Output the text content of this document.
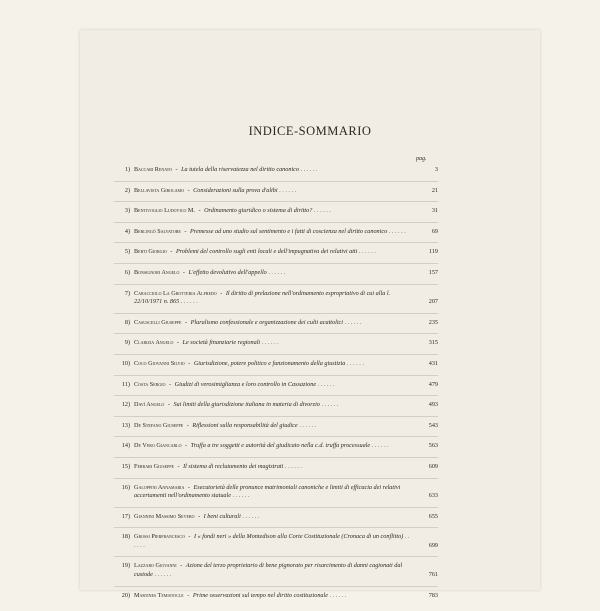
INDICE-SOMMARIO
pag.
1) Baccari Renato - La tutela della riservatezza nel diritto canonico . . . . . .	3
2) Bellavista Girolamo - Considerazioni sulla prova d'alibi . . . . . .	21
3) Bentivoglio Ludovico M. - Ordinamento giuridico o sistema di diritto? . . . . . .	31
4) Berlingò Salvatore - Premesse ad uno studio sul sentimento e i fatti di coscienza nel diritto canonico . . . . . .	69
5) Berti Giorgio - Problemi del controllo sugli enti locali e dell'impugnativa dei relativi atti . . . . . .	119
6) Bonsignori Angelo - L'effetto devolutivo dell'appello . . . . . .	157
7) Caracciolo La Grotteria Alfredo - Il diritto di prelazione nell'ordinamento espropriativo di cui alla l. 22/10/1971 n. 865 . . . . . .	207
8) Casuscelli Giuseppe - Pluralismo confessionale e organizzazione dei culti acattolici . . . . . .	235
9) Clarizia Angelo - Le società finanziarie regionali . . . . . .	315
10) Coco Giovanni Silvio - Giurisdizione, potere politico e funzionamento della giustizia . . . . . .	431
11) Costa Sergio - Giudizi di verosimiglianza e loro controllo in Cassazione . . . . . .	479
12) Davì Angelo - Sui limiti della giurisdizione italiana in materia di divorzio . . . . . .	493
13) De Stefano Giuseppe - Riflessioni sulla responsabilità del giudice . . . . . .	543
14) De Vero Giancarlo - Truffa a tre soggetti e autorità del giudicato nella c.d. truffa processuale . . . . . .	563
15) Ferrari Giuseppe - Il sistema di reclutamento dei magistrati . . . . . .	609
16) Galoppini Annamaria - Esecutorietà delle pronunce matrimoniali canoniche e limiti di efficacia dei relativi accertamenti nell'ordinamento statuale . . . . . .	633
17) Giannini Massimo Severo - I beni culturali . . . . . .	655
18) Grossi Pierfrancesco - I « fondi neri » della Montedison alla Corte Costituzionale (Cronaca di un conflitto) . . . . . .	699
19) Lazzaro Giovanni - Azione del terzo proprietario di bene pignorato per risarcimento di danni cagionati dal custode . . . . . .	761
20) Martines Temistocle - Prime osservazioni sul tempo nel diritto costituzionale . . . . . .	783
